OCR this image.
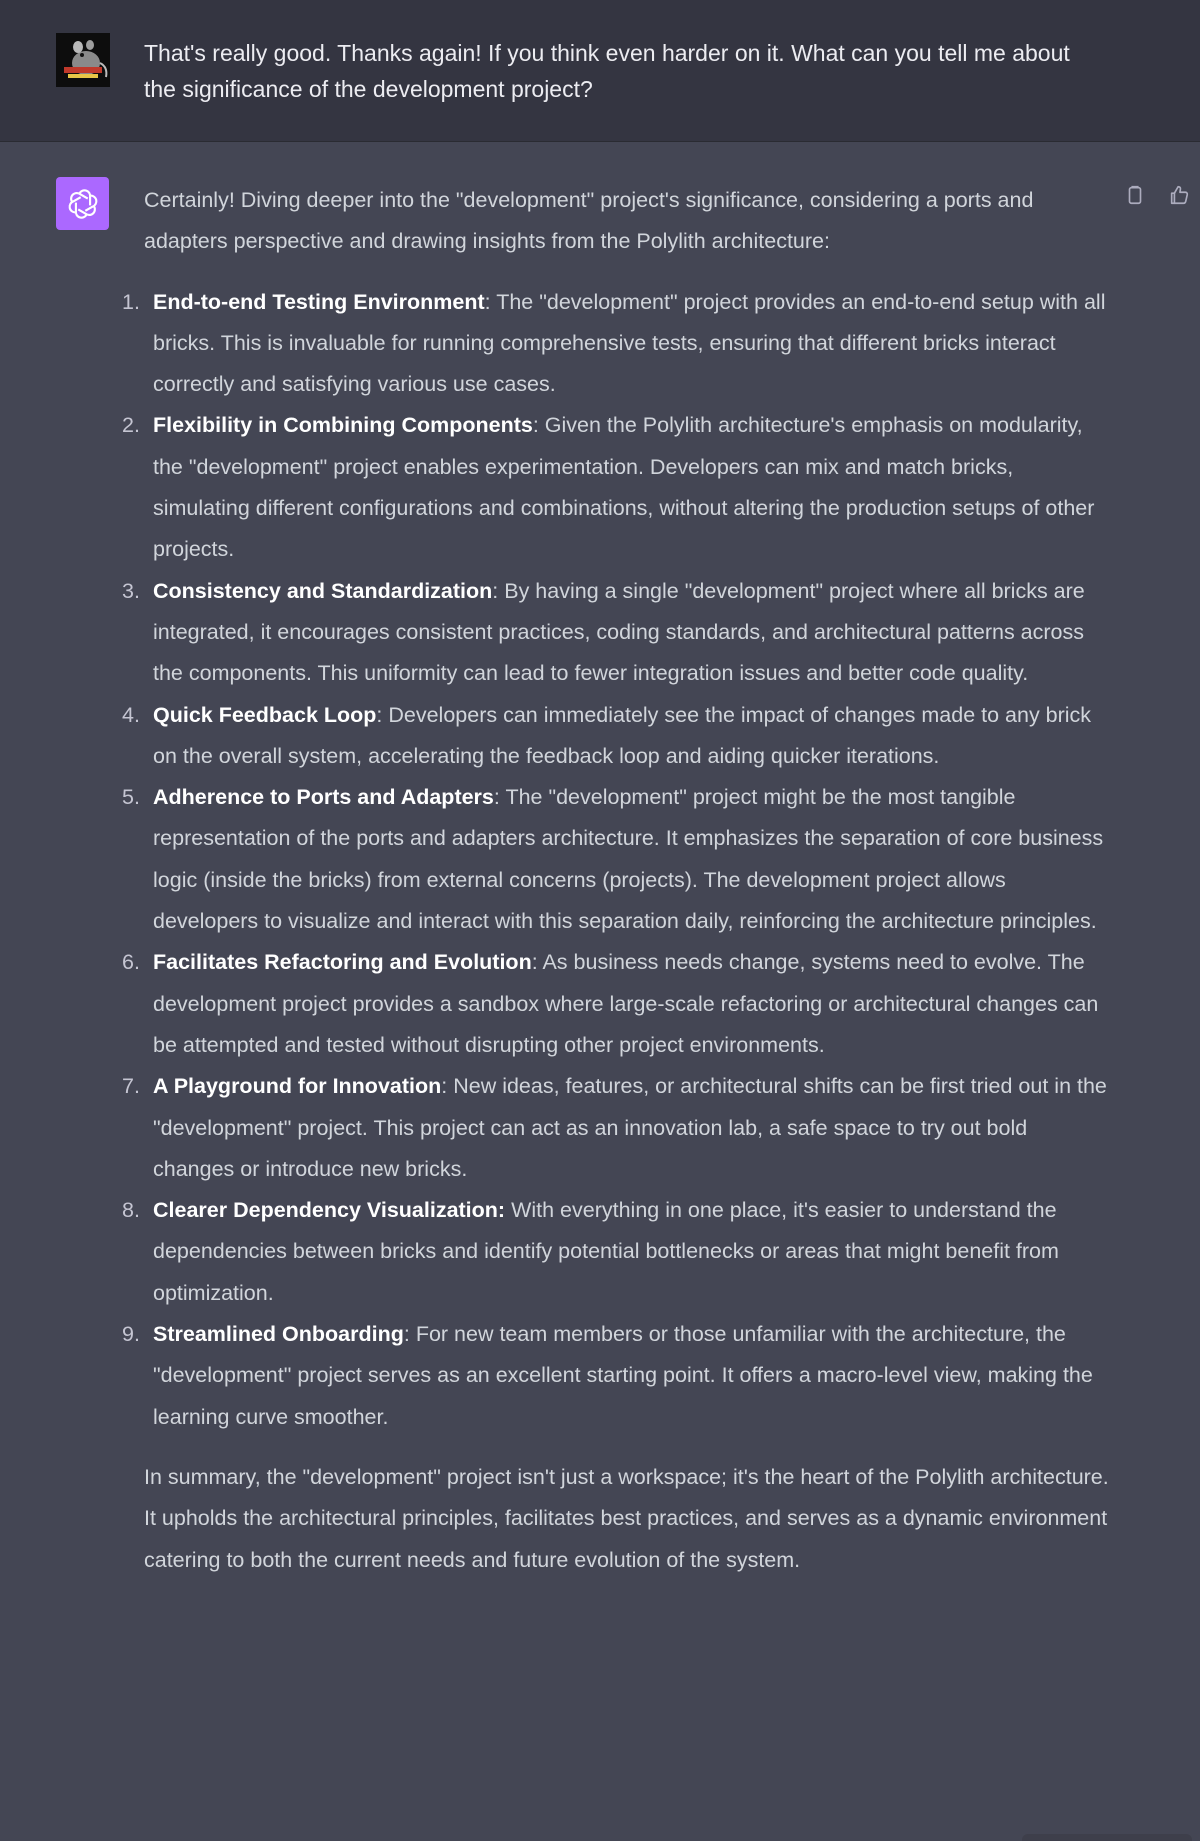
That's really good. Thanks again! If you think even harder on it. What can you tell me about the significance of the development project?

Certainly! Diving deeper into the "development" project's significance, considering a ports and adapters perspective and drawing insights from the Polylith architecture:

1. End-to-end Testing Environment: The "development" project provides an end-to-end setup with all bricks. This is invaluable for running comprehensive tests, ensuring that different bricks interact correctly and satisfying various use cases.
2. Flexibility in Combining Components: Given the Polylith architecture's emphasis on modularity, the "development" project enables experimentation. Developers can mix and match bricks, simulating different configurations and combinations, without altering the production setups of other projects.
3. Consistency and Standardization: By having a single "development" project where all bricks are integrated, it encourages consistent practices, coding standards, and architectural patterns across the components. This uniformity can lead to fewer integration issues and better code quality.
4. Quick Feedback Loop: Developers can immediately see the impact of changes made to any brick on the overall system, accelerating the feedback loop and aiding quicker iterations.
5. Adherence to Ports and Adapters: The "development" project might be the most tangible representation of the ports and adapters architecture. It emphasizes the separation of core business logic (inside the bricks) from external concerns (projects). The development project allows developers to visualize and interact with this separation daily, reinforcing the architecture principles.
6. Facilitates Refactoring and Evolution: As business needs change, systems need to evolve. The development project provides a sandbox where large-scale refactoring or architectural changes can be attempted and tested without disrupting other project environments.
7. A Playground for Innovation: New ideas, features, or architectural shifts can be first tried out in the "development" project. This project can act as an innovation lab, a safe space to try out bold changes or introduce new bricks.
8. Clearer Dependency Visualization: With everything in one place, it's easier to understand the dependencies between bricks and identify potential bottlenecks or areas that might benefit from optimization.
9. Streamlined Onboarding: For new team members or those unfamiliar with the architecture, the "development" project serves as an excellent starting point. It offers a macro-level view, making the learning curve smoother.

In summary, the "development" project isn't just a workspace; it's the heart of the Polylith architecture. It upholds the architectural principles, facilitates best practices, and serves as a dynamic environment catering to both the current needs and future evolution of the system.
